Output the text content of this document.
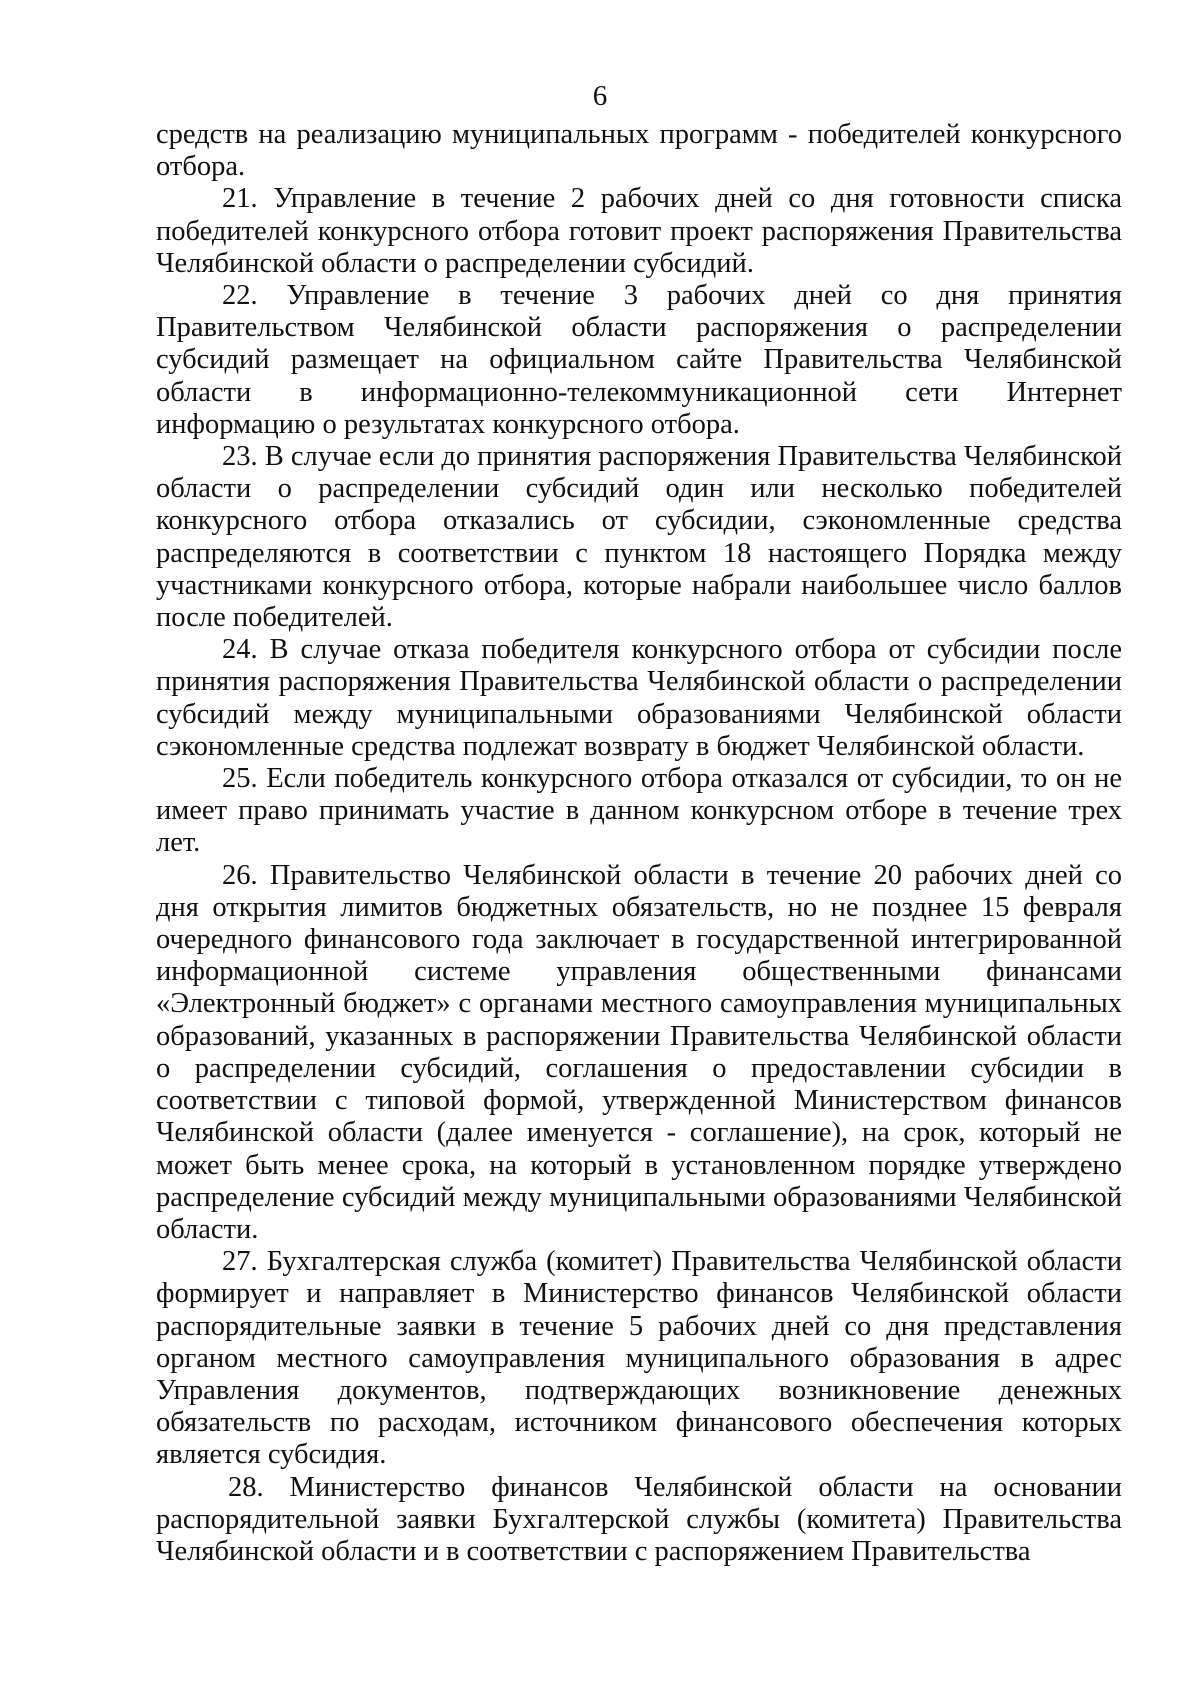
6

средств на реализацию муниципальных программ - победителей конкурсного отбора.

21. Управление в течение 2 рабочих дней со дня готовности списка победителей конкурсного отбора готовит проект распоряжения Правительства Челябинской области о распределении субсидий.

22. Управление в течение 3 рабочих дней со дня принятия Правительством Челябинской области распоряжения о распределении субсидий размещает на официальном сайте Правительства Челябинской области в информационно-телекоммуникационной сети Интернет информацию о результатах конкурсного отбора.

23. В случае если до принятия распоряжения Правительства Челябинской области о распределении субсидий один или несколько победителей конкурсного отбора отказались от субсидии, сэкономленные средства распределяются в соответствии с пунктом 18 настоящего Порядка между участниками конкурсного отбора, которые набрали наибольшее число баллов после победителей.

24. В случае отказа победителя конкурсного отбора от субсидии после принятия распоряжения Правительства Челябинской области о распределении субсидий между муниципальными образованиями Челябинской области сэкономленные средства подлежат возврату в бюджет Челябинской области.

25. Если победитель конкурсного отбора отказался от субсидии, то он не имеет право принимать участие в данном конкурсном отборе в течение трех лет.

26. Правительство Челябинской области в течение 20 рабочих дней со дня открытия лимитов бюджетных обязательств, но не позднее 15 февраля очередного финансового года заключает в государственной интегрированной информационной системе управления общественными финансами «Электронный бюджет» с органами местного самоуправления муниципальных образований, указанных в распоряжении Правительства Челябинской области о распределении субсидий, соглашения о предоставлении субсидии в соответствии с типовой формой, утвержденной Министерством финансов Челябинской области (далее именуется - соглашение), на срок, который не может быть менее срока, на который в установленном порядке утверждено распределение субсидий между муниципальными образованиями Челябинской области.

27. Бухгалтерская служба (комитет) Правительства Челябинской области формирует и направляет в Министерство финансов Челябинской области распорядительные заявки в течение 5 рабочих дней со дня представления органом местного самоуправления муниципального образования в адрес Управления документов, подтверждающих возникновение денежных обязательств по расходам, источником финансового обеспечения которых является субсидия.

28. Министерство финансов Челябинской области на основании распорядительной заявки Бухгалтерской службы (комитета) Правительства Челябинской области и в соответствии с распоряжением Правительства
